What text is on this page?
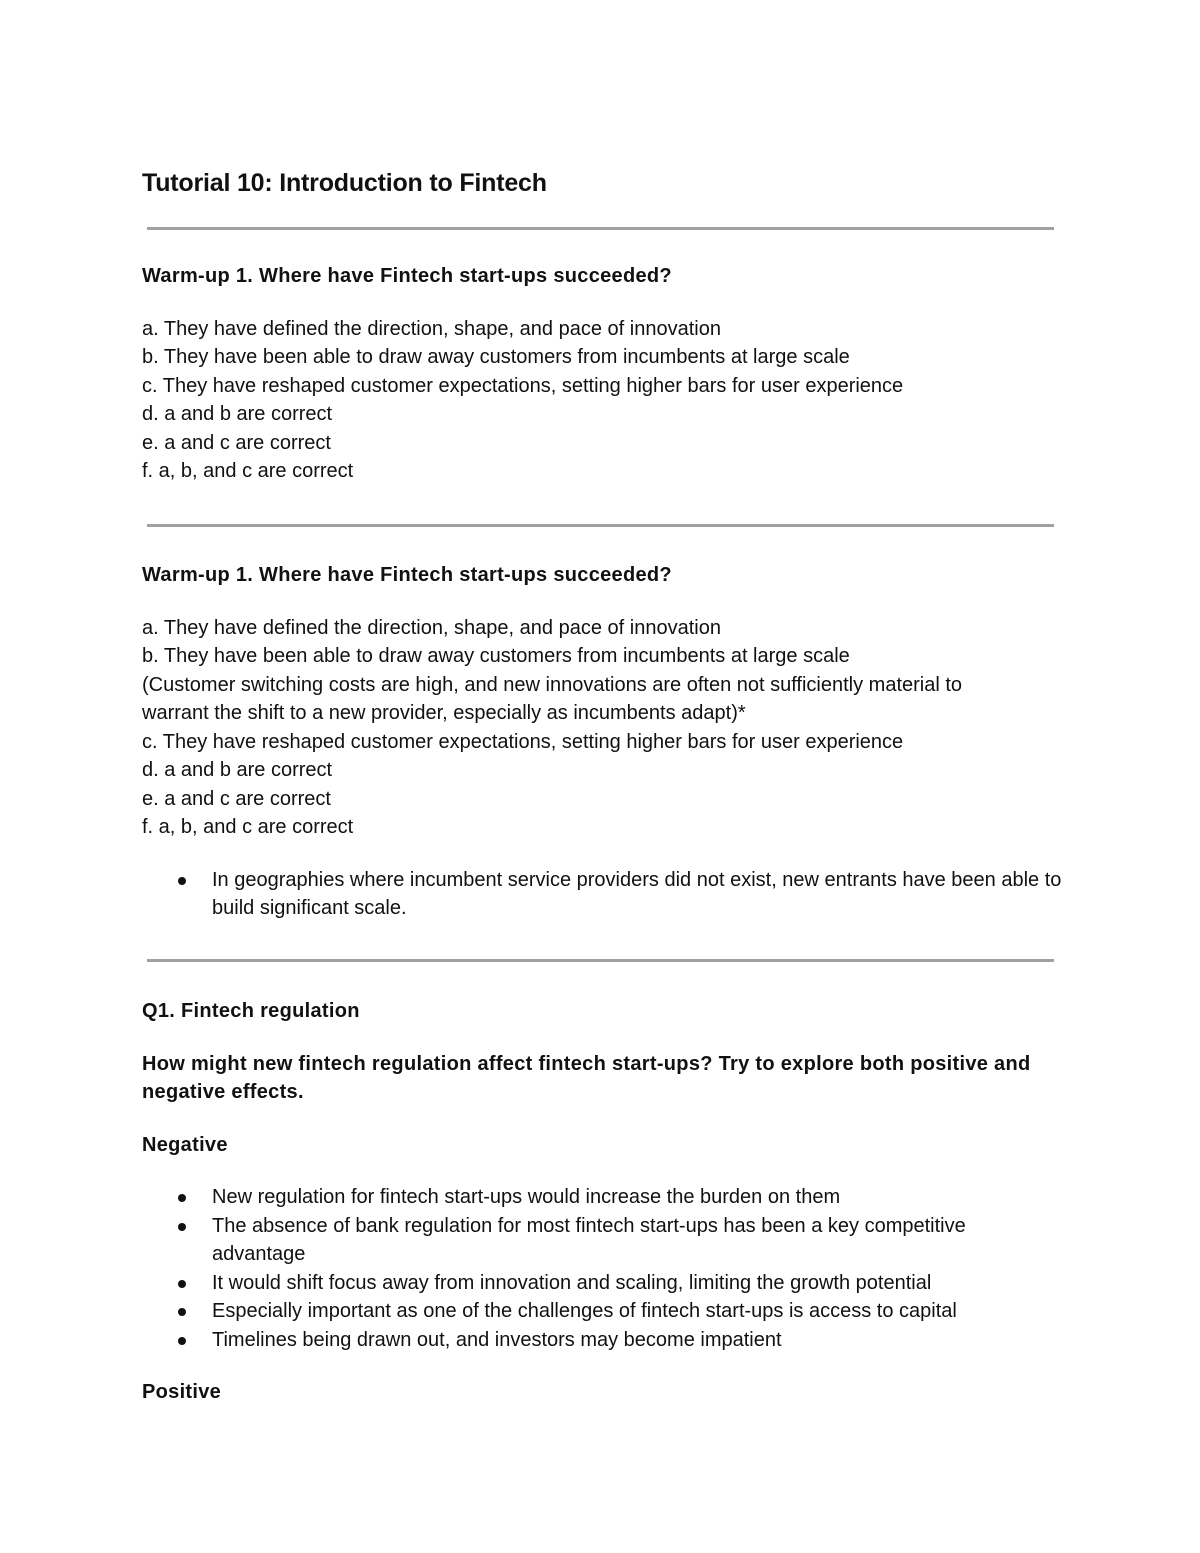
Tutorial 10: Introduction to Fintech

Warm-up 1. Where have Fintech start-ups succeeded?

a. They have defined the direction, shape, and pace of innovation
b. They have been able to draw away customers from incumbents at large scale
c. They have reshaped customer expectations, setting higher bars for user experience
d. a and b are correct
e. a and c are correct
f. a, b, and c are correct

Warm-up 1. Where have Fintech start-ups succeeded?

a. They have defined the direction, shape, and pace of innovation
b. They have been able to draw away customers from incumbents at large scale
(Customer switching costs are high, and new innovations are often not sufficiently material to warrant the shift to a new provider, especially as incumbents adapt)*
c. They have reshaped customer expectations, setting higher bars for user experience
d. a and b are correct
e. a and c are correct
f. a, b, and c are correct
In geographies where incumbent service providers did not exist, new entrants have been able to build significant scale.

Q1. Fintech regulation

How might new fintech regulation affect fintech start-ups? Try to explore both positive and negative effects.

Negative

New regulation for fintech start-ups would increase the burden on them
The absence of bank regulation for most fintech start-ups has been a key competitive advantage
It would shift focus away from innovation and scaling, limiting the growth potential
Especially important as one of the challenges of fintech start-ups is access to capital
Timelines being drawn out, and investors may become impatient

Positive
